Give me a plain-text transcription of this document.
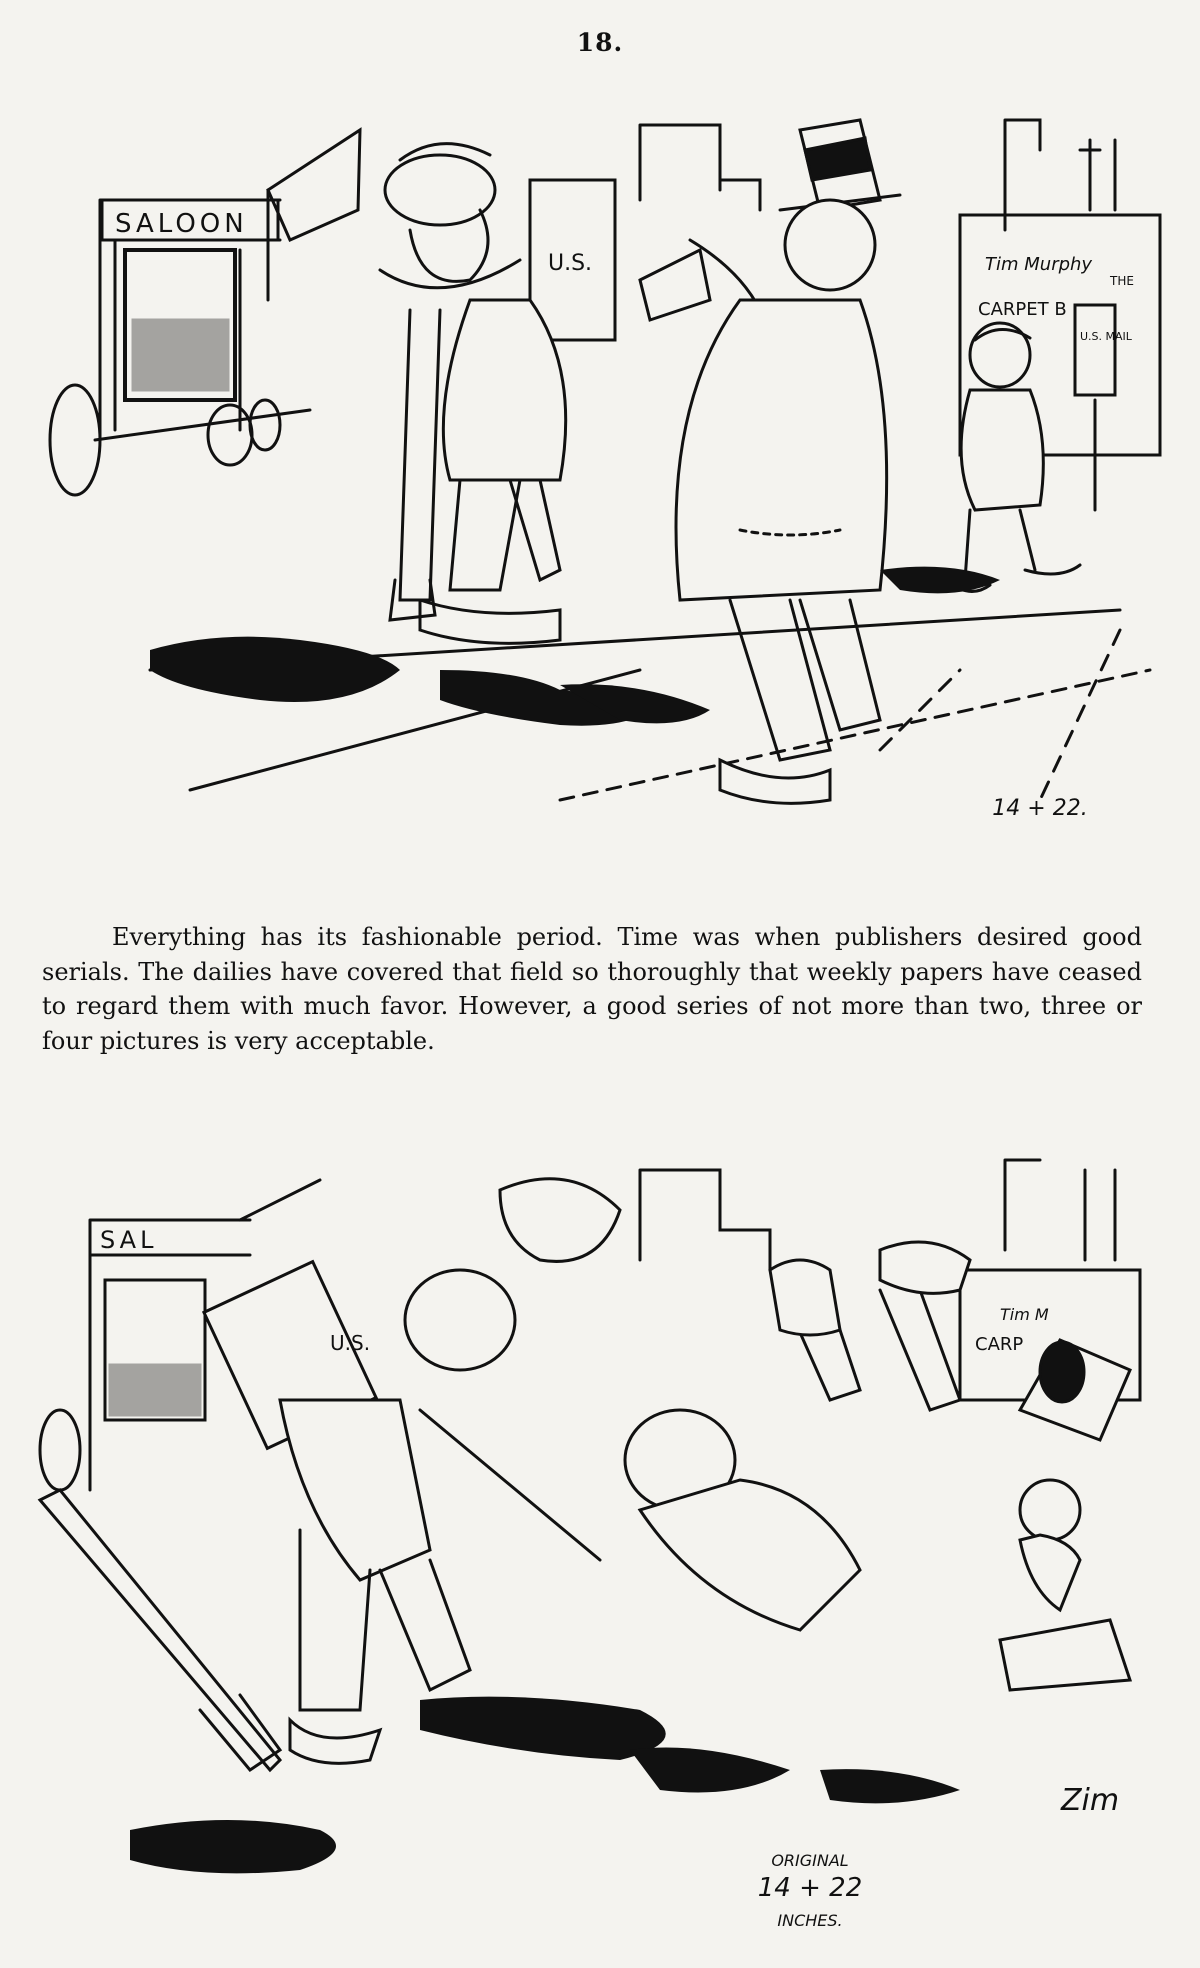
18.
SALOON
Tim Murphy
THE
CARPET B
U.S. MAIL
U.S.
14 + 22.
Everything has its fashionable period. Time was when publishers desired good serials. The dailies have covered that field so thoroughly that weekly papers have ceased to regard them with much favor. However, a good series of not more than two, three or four pictures is very acceptable.
SAL
Tim M
CARP
U.S.
Zim
ORIGINAL
14 + 22
INCHES.
